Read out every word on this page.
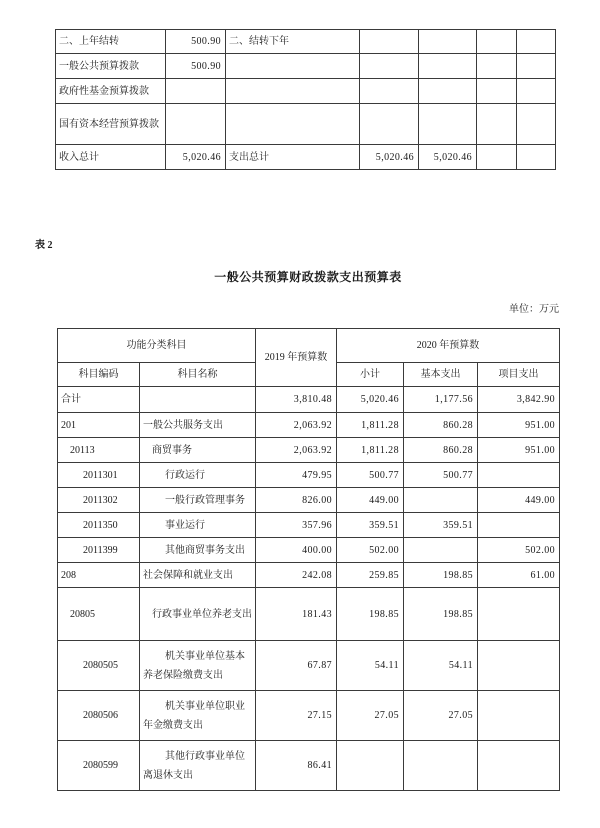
二、上年结转	500.90	二、结转下年				
一般公共预算拨款	500.90					
政府性基金预算拨款						
国有资本经营预算拨款						
收入总计	5,020.46	支出总计	5,020.46	5,020.46		
表 2
一般公共预算财政拨款支出预算表
单位：万元
功能分类科目		2019 年预算数	2020 年预算数		
科目编码	科目名称		小计	基本支出	项目支出
合计		3,810.48	5,020.46	1,177.56	3,842.90
201	一般公共服务支出	2,063.92	1,811.28	860.28	951.00
20113	商贸事务	2,063.92	1,811.28	860.28	951.00
2011301	行政运行	479.95	500.77	500.77	
2011302	一般行政管理事务	826.00	449.00		449.00
2011350	事业运行	357.96	359.51	359.51	
2011399	其他商贸事务支出	400.00	502.00		502.00
208	社会保障和就业支出	242.08	259.85	198.85	61.00
20805	行政事业单位养老支出	181.43	198.85	198.85	
2080505	机关事业单位基本养老保险缴费支出	67.87	54.11	54.11	
2080506	机关事业单位职业年金缴费支出	27.15	27.05	27.05	
2080599	其他行政事业单位离退休支出	86.41			
